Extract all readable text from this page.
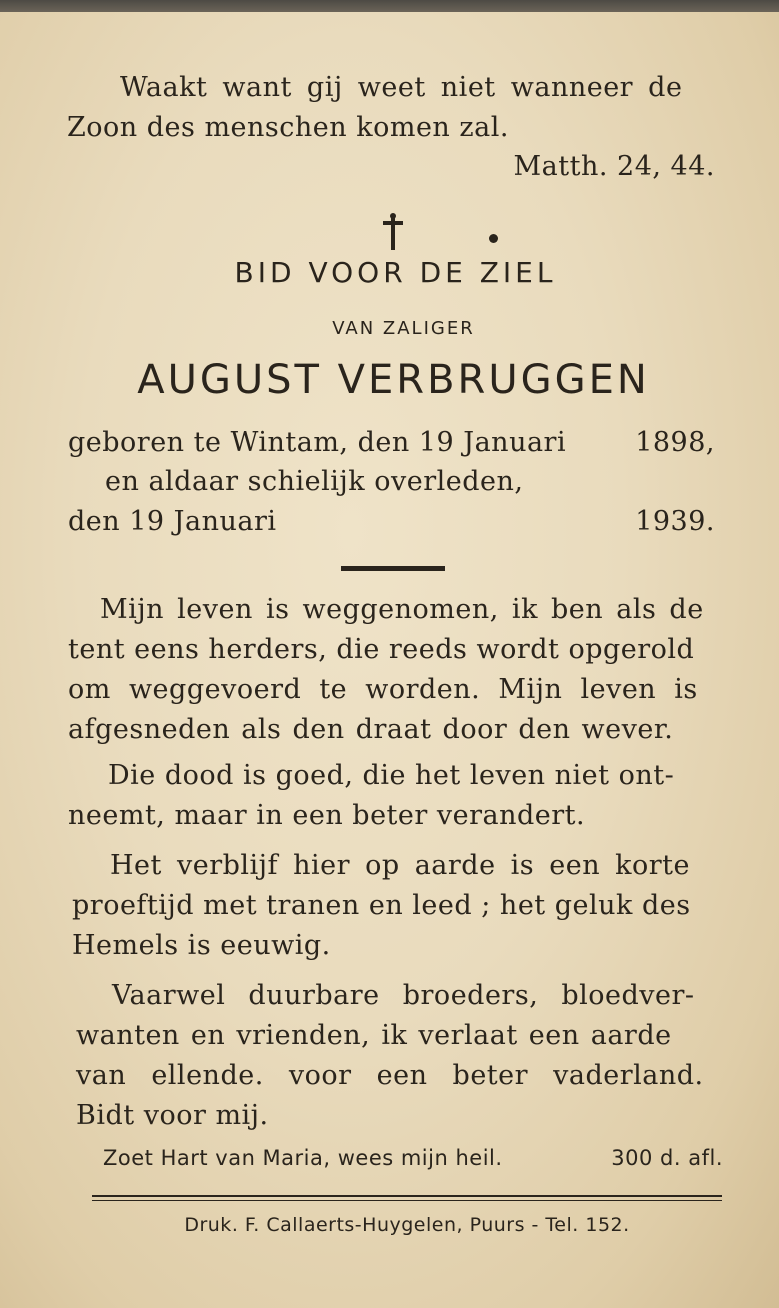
Waakt want gij weet niet wanneer de
Zoon des menschen komen zal.
Matth. 24, 44.
BID VOOR DE ZIEL
VAN ZALIGER
AUGUST VERBRUGGEN
geboren te Wintam, den 19 Januari	1898,
en aldaar schielijk overleden,
den 19 Januari	1939.
Mijn leven is weggenomen, ik ben als de
tent eens herders, die reeds wordt opgerold
om weggevoerd te worden. Mijn leven is
afgesneden als den draat door den wever.
Die dood is goed, die het leven niet ont-
neemt, maar in een beter verandert.
Het verblijf hier op aarde is een korte
proeftijd met tranen en leed ; het geluk des
Hemels is eeuwig.
Vaarwel duurbare broeders, bloedver-
wanten en vrienden, ik verlaat een aarde
van ellende. voor een beter vaderland.
Bidt voor mij.
Zoet Hart van Maria, wees mijn heil.	300 d. afl.
Druk. F. Callaerts-Huygelen, Puurs - Tel. 152.
